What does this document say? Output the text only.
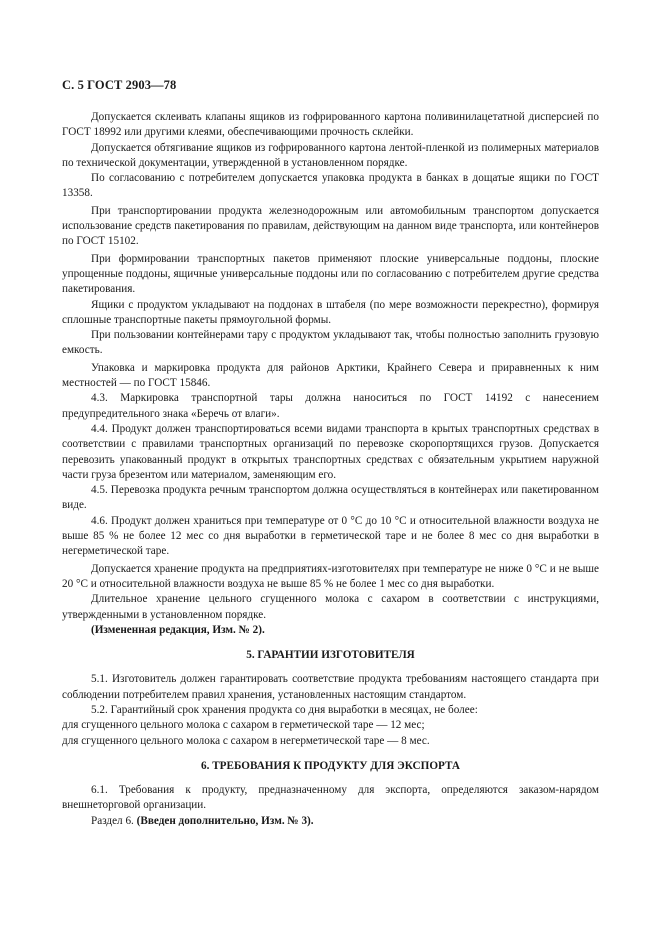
С. 5 ГОСТ 2903—78

Допускается склеивать клапаны ящиков из гофрированного картона поливинилацетатной дисперсией по ГОСТ 18992 или другими клеями, обеспечивающими прочность склейки.

Допускается обтягивание ящиков из гофрированного картона лентой-пленкой из полимерных материалов по технической документации, утвержденной в установленном порядке.

По согласованию с потребителем допускается упаковка продукта в банках в дощатые ящики по ГОСТ 13358.

При транспортировании продукта железнодорожным или автомобильным транспортом допускается использование средств пакетирования по правилам, действующим на данном виде транспорта, или контейнеров по ГОСТ 15102.

При формировании транспортных пакетов применяют плоские универсальные поддоны, плоские упрощенные поддоны, ящичные универсальные поддоны или по согласованию с потребителем другие средства пакетирования.

Ящики с продуктом укладывают на поддонах в штабеля (по мере возможности перекрестно), формируя сплошные транспортные пакеты прямоугольной формы.

При пользовании контейнерами тару с продуктом укладывают так, чтобы полностью заполнить грузовую емкость.

Упаковка и маркировка продукта для районов Арктики, Крайнего Севера и приравненных к ним местностей — по ГОСТ 15846.

4.3. Маркировка транспортной тары должна наноситься по ГОСТ 14192 с нанесением предупредительного знака «Беречь от влаги».

4.4. Продукт должен транспортироваться всеми видами транспорта в крытых транспортных средствах в соответствии с правилами транспортных организаций по перевозке скоропортящихся грузов. Допускается перевозить упакованный продукт в открытых транспортных средствах с обязательным укрытием наружной части груза брезентом или материалом, заменяющим его.

4.5. Перевозка продукта речным транспортом должна осуществляться в контейнерах или пакетированном виде.

4.6. Продукт должен храниться при температуре от 0 °С до 10 °С и относительной влажности воздуха не выше 85 % не более 12 мес со дня выработки в герметической таре и не более 8 мес со дня выработки в негерметической таре.

Допускается хранение продукта на предприятиях-изготовителях при температуре не ниже 0 °С и не выше 20 °С и относительной влажности воздуха не выше 85 % не более 1 мес со дня выработки.

Длительное хранение цельного сгущенного молока с сахаром в соответствии с инструкциями, утвержденными в установленном порядке.

(Измененная редакция, Изм. № 2).

5. ГАРАНТИИ ИЗГОТОВИТЕЛЯ

5.1. Изготовитель должен гарантировать соответствие продукта требованиям настоящего стандарта при соблюдении потребителем правил хранения, установленных настоящим стандартом.

5.2. Гарантийный срок хранения продукта со дня выработки в месяцах, не более:

для сгущенного цельного молока с сахаром в герметической таре — 12 мес;

для сгущенного цельного молока с сахаром в негерметической таре — 8 мес.

6. ТРЕБОВАНИЯ К ПРОДУКТУ ДЛЯ ЭКСПОРТА

6.1. Требования к продукту, предназначенному для экспорта, определяются заказом-нарядом внешнеторговой организации.

Раздел 6. (Введен дополнительно, Изм. № 3).
